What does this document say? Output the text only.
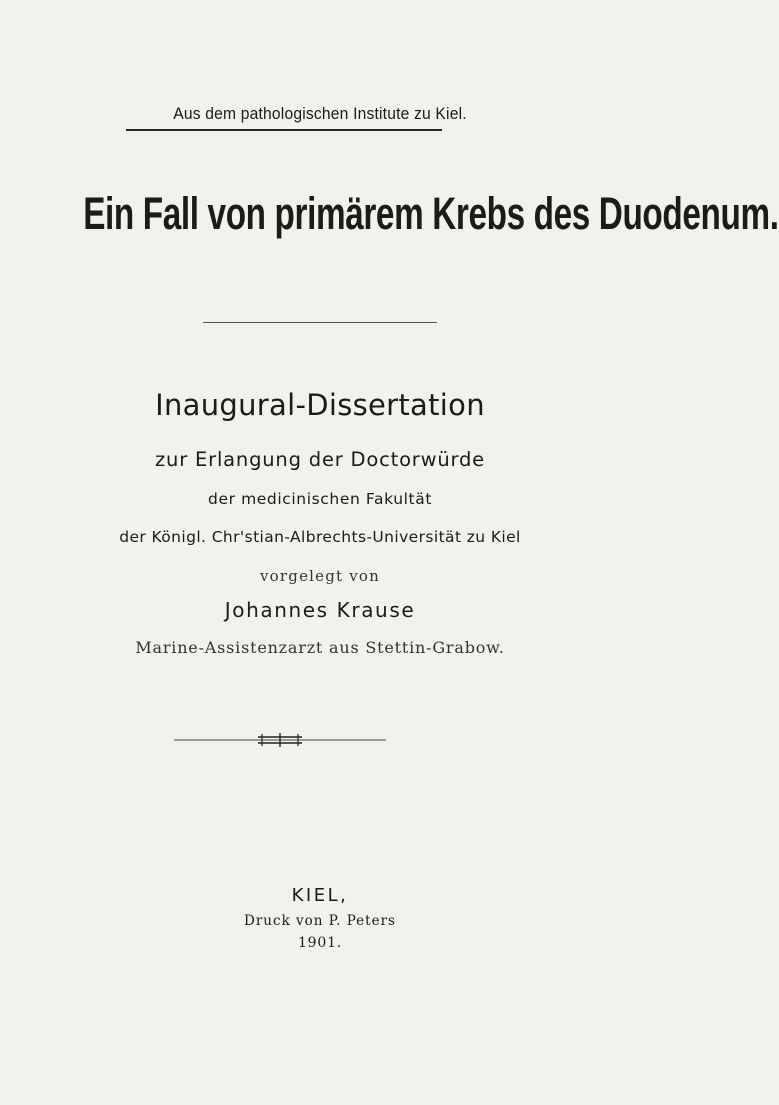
Aus dem pathologischen Institute zu Kiel.
Ein Fall von primärem Krebs des Duodenum.
Inaugural-Dissertation
zur Erlangung der Doctorwürde
der medicinischen Fakultät
der Königl. Chr'stian-Albrechts-Universität zu Kiel
vorgelegt von
Johannes Krause
Marine-Assistenzarzt aus Stettin-Grabow.
KIEL,
Druck von P. Peters
1901.
